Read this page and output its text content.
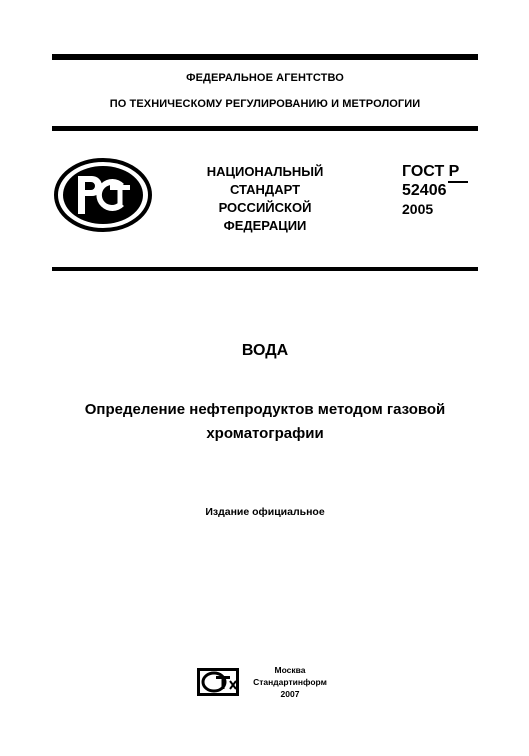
ФЕДЕРАЛЬНОЕ АГЕНТСТВО
ПО ТЕХНИЧЕСКОМУ РЕГУЛИРОВАНИЮ И МЕТРОЛОГИИ
НАЦИОНАЛЬНЫЙ
СТАНДАРТ
РОССИЙСКОЙ
ФЕДЕРАЦИИ
ГОСТ Р
52406
2005
ВОДА
Определение нефтепродуктов методом газовой
хроматографии
Издание официальное
Москва
Стандартинформ
2007
